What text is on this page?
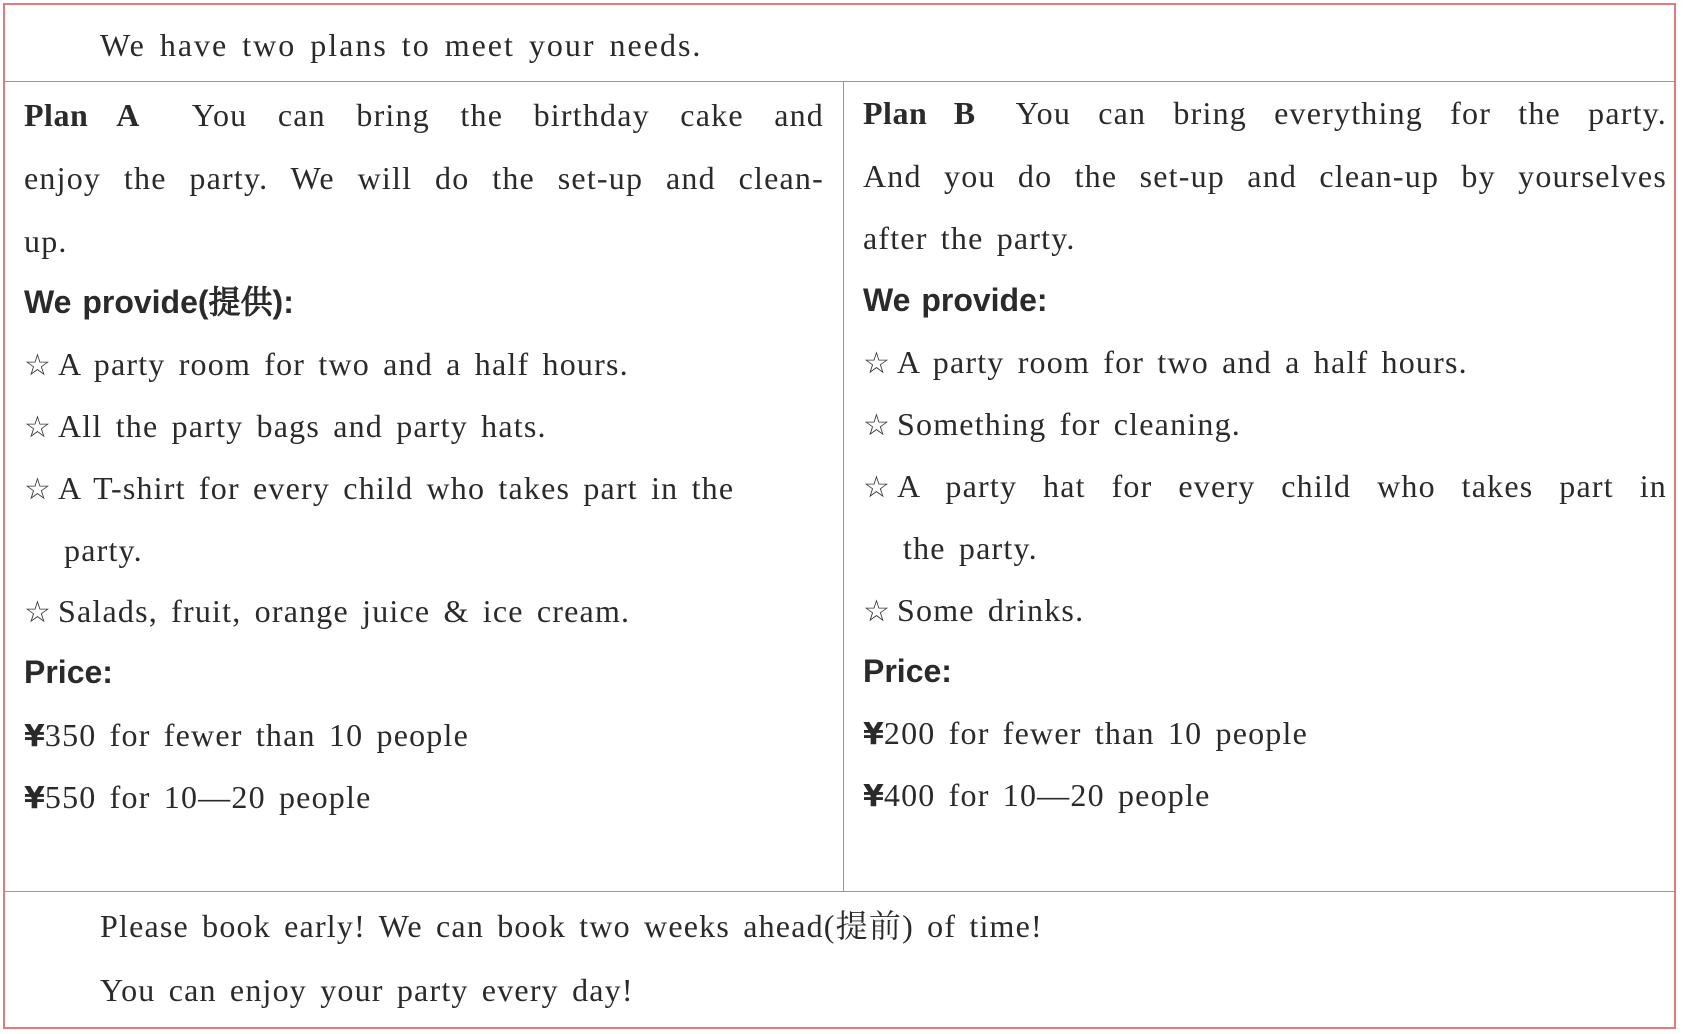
We have two plans to meet your needs.
Plan A You can bring the birthday cake and
enjoy the party. We will do the set-up and clean-
up.
We provide(提供):
☆ A party room for two and a half hours.
☆ All the party bags and party hats.
☆ A T-shirt for every child who takes part in the
party.
☆ Salads, fruit, orange juice & ice cream.
Price:
¥350 for fewer than 10 people
¥550 for 10—20 people
Plan B You can bring everything for the party.
And you do the set-up and clean-up by yourselves
after the party.
We provide:
☆ A party room for two and a half hours.
☆ Something for cleaning.
☆ A party hat for every child who takes part in
the party.
☆ Some drinks.
Price:
¥200 for fewer than 10 people
¥400 for 10—20 people
Please book early! We can book two weeks ahead(提前) of time!
You can enjoy your party every day!
